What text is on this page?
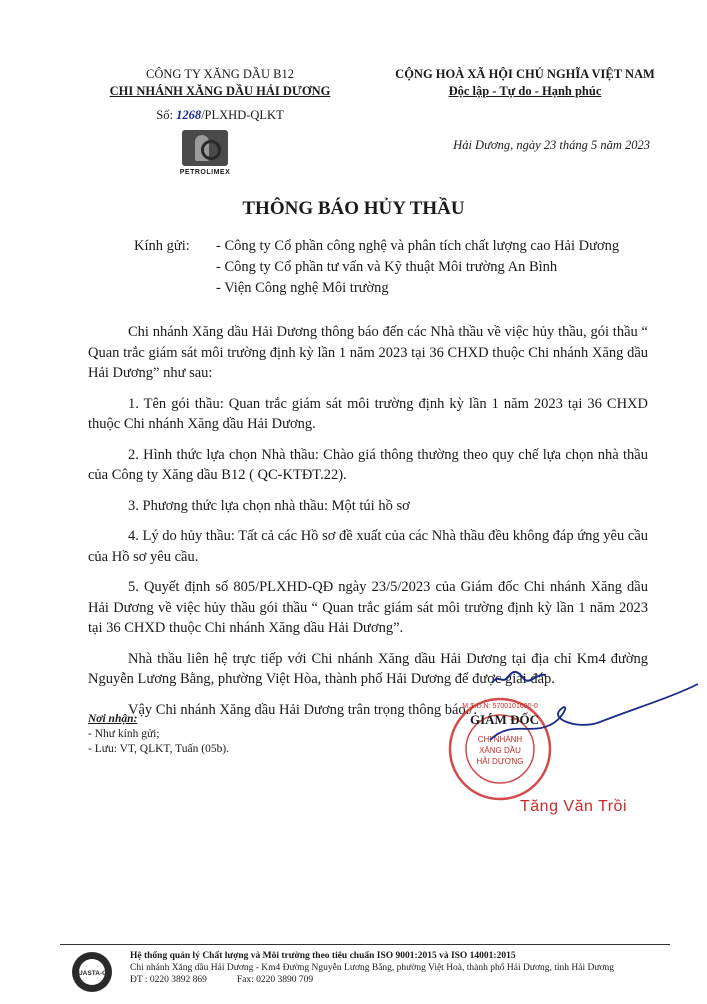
CÔNG TY XĂNG DẦU B12
CHI NHÁNH XĂNG DẦU HẢI DƯƠNG
Số: 1268/PLXHD-QLKT
PETROLIMEX
CỘNG HOÀ XÃ HỘI CHỦ NGHĨA VIỆT NAM
Độc lập - Tự do - Hạnh phúc
Hải Dương, ngày 23 tháng 5 năm 2023
THÔNG BÁO HỦY THẦU
Kính gửi: - Công ty Cổ phần công nghệ và phân tích chất lượng cao Hải Dương
- Công ty Cổ phần tư vấn và Kỹ thuật Môi trường An Bình
- Viện Công nghệ Môi trường

Chi nhánh Xăng dầu Hải Dương thông báo đến các Nhà thầu về việc hủy thầu, gói thầu “ Quan trắc giám sát môi trường định kỳ lần 1 năm 2023 tại 36 CHXD thuộc Chi nhánh Xăng dầu Hải Dương” như sau:

1. Tên gói thầu: Quan trắc giám sát môi trường định kỳ lần 1 năm 2023 tại 36 CHXD thuộc Chi nhánh Xăng dầu Hải Dương.

2. Hình thức lựa chọn Nhà thầu: Chào giá thông thường theo quy chế lựa chọn nhà thầu của Công ty Xăng dầu B12 ( QC-KTĐT.22).

3. Phương thức lựa chọn nhà thầu: Một túi hồ sơ

4. Lý do hủy thầu: Tất cả các Hồ sơ đề xuất của các Nhà thầu đều không đáp ứng yêu cầu của Hồ sơ yêu cầu.

5. Quyết định số 805/PLXHD-QĐ ngày 23/5/2023 của Giám đốc Chi nhánh Xăng dầu Hải Dương về việc hủy thầu gói thầu “ Quan trắc giám sát môi trường định kỳ lần 1 năm 2023 tại 36 CHXD thuộc Chi nhánh Xăng dầu Hải Dương”.

Nhà thầu liên hệ trực tiếp với Chi nhánh Xăng dầu Hải Dương tại địa chỉ Km4 đường Nguyễn Lương Bằng, phường Việt Hòa, thành phố Hải Dương để được giải đáp.

Vậy Chi nhánh Xăng dầu Hải Dương trân trọng thông báo./.

Nơi nhận:
- Như kính gửi;
- Lưu: VT, QLKT, Tuấn (05b).
CHI NHÁNH
XĂNG DẦU
HẢI DƯƠNG
M.S.D.N: 5700101690-0
GIÁM ĐỐC
Tăng Văn Trồi
QUASTA-CE
Hệ thống quản lý Chất lượng và Môi trường theo tiêu chuẩn ISO 9001:2015 và ISO 14001:2015
Chi nhánh Xăng dầu Hải Dương - Km4 Đường Nguyễn Lương Bằng, phường Việt Hoà, thành phố Hải Dương, tỉnh Hải Dương
ĐT : 0220 3892 869	Fax: 0220 3890 709
